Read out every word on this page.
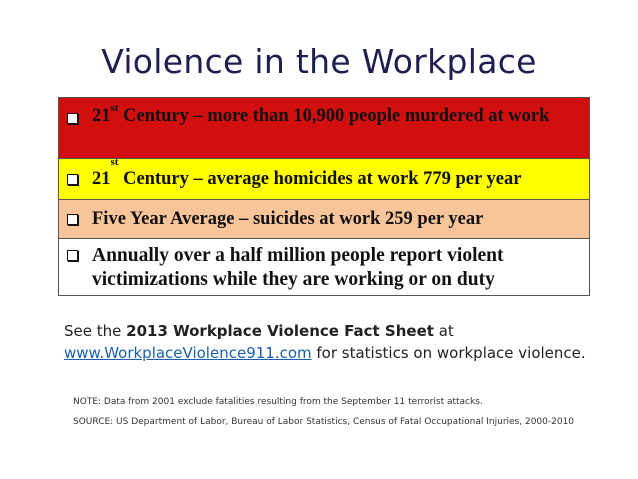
Violence in the Workplace
21st Century – more than 10,900 people murdered at work
21st Century – average homicides at work 779 per year
Five Year Average – suicides at work 259 per year
Annually over a half million people report violent victimizations while they are working or on duty
See the 2013 Workplace Violence Fact Sheet at
www.WorkplaceViolence911.com for statistics on workplace violence.
NOTE: Data from 2001 exclude fatalities resulting from the September 11 terrorist attacks.
SOURCE: US Department of Labor, Bureau of Labor Statistics, Census of Fatal Occupational Injuries, 2000-2010
